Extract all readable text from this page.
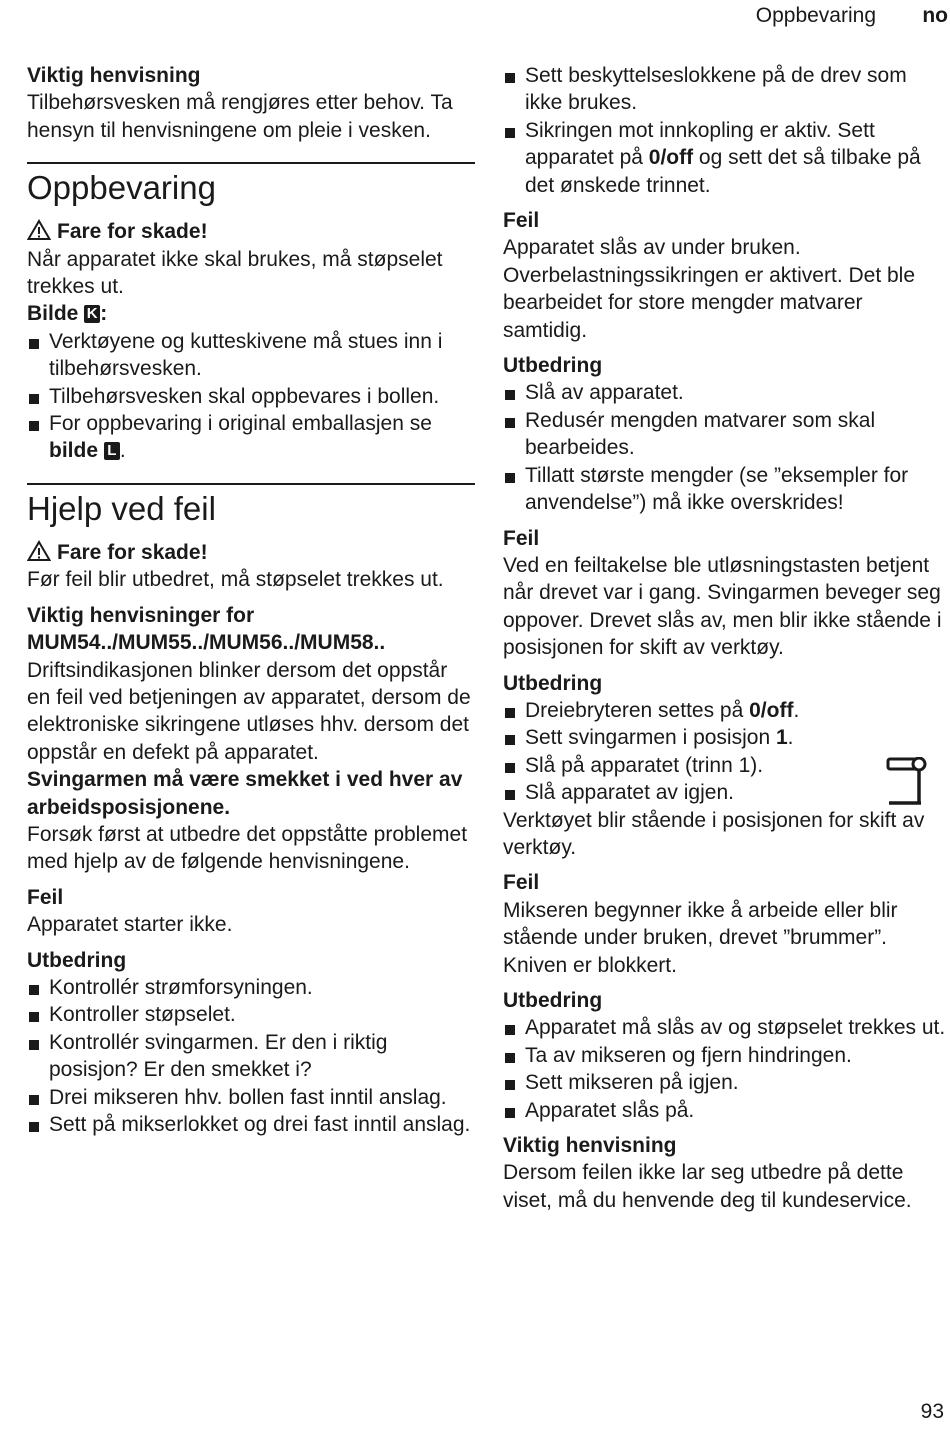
Oppbevaring no

Viktig henvisning

Tilbehørsvesken må rengjøres etter behov. Ta hensyn til henvisningene om pleie i vesken.

Oppbevaring

Fare for skade!

Når apparatet ikke skal brukes, må støpselet trekkes ut.

Bilde K :

Verktøyene og kutteskivene må stues inn i tilbehørsvesken.
Tilbehørsvesken skal oppbevares i bollen.
For oppbevaring i original emballasjen se bilde L .
Hjelp ved feil

Fare for skade!

Før feil blir utbedret, må støpselet trekkes ut.

Viktig henvisninger for MUM54../MUM55../MUM56../MUM58..

Driftsindikasjonen blinker dersom det oppstår en feil ved betjeningen av apparatet, dersom de elektroniske sikringene utløses hhv. dersom det oppstår en defekt på apparatet.

Svingarmen må være smekket i ved hver av arbeidsposisjonene.

Forsøk først at utbedre det oppståtte problemet med hjelp av de følgende henvisningene.

Feil

Apparatet starter ikke.

Utbedring

Kontrollér strømforsyningen.
Kontroller støpselet.
Kontrollér svingarmen. Er den i riktig posisjon? Er den smekket i?
Drei mikseren hhv. bollen fast inntil anslag.
Sett på mikserlokket og drei fast inntil anslag.
Sett beskyttelseslokkene på de drev som ikke brukes.
Sikringen mot innkopling er aktiv. Sett apparatet på 0/off og sett det så tilbake på det ønskede trinnet.

Feil

Apparatet slås av under bruken. Overbelastningssikringen er aktivert. Det ble bearbeidet for store mengder matvarer samtidig.

Utbedring

Slå av apparatet.
Redusér mengden matvarer som skal bearbeides.
Tillatt største mengder (se ”eksempler for anvendelse”) må ikke overskrides!

Feil

Ved en feiltakelse ble utløsningstasten betjent når drevet var i gang. Svingarmen beveger seg oppover. Drevet slås av, men blir ikke stående i posisjonen for skift av verktøy.

Utbedring

Dreiebryteren settes på 0/off.
Sett svingarmen i posisjon 1.
Slå på apparatet (trinn 1).
Slå apparatet av igjen.

Verktøyet blir stående i posisjonen for skift av verktøy.

Feil

Mikseren begynner ikke å arbeide eller blir stående under bruken, drevet ”brummer”. Kniven er blokkert.

Utbedring

Apparatet må slås av og støpselet trekkes ut.
Ta av mikseren og fjern hindringen.
Sett mikseren på igjen.
Apparatet slås på.

Viktig henvisning

Dersom feilen ikke lar seg utbedre på dette viset, må du henvende deg til kundeservice.

93
